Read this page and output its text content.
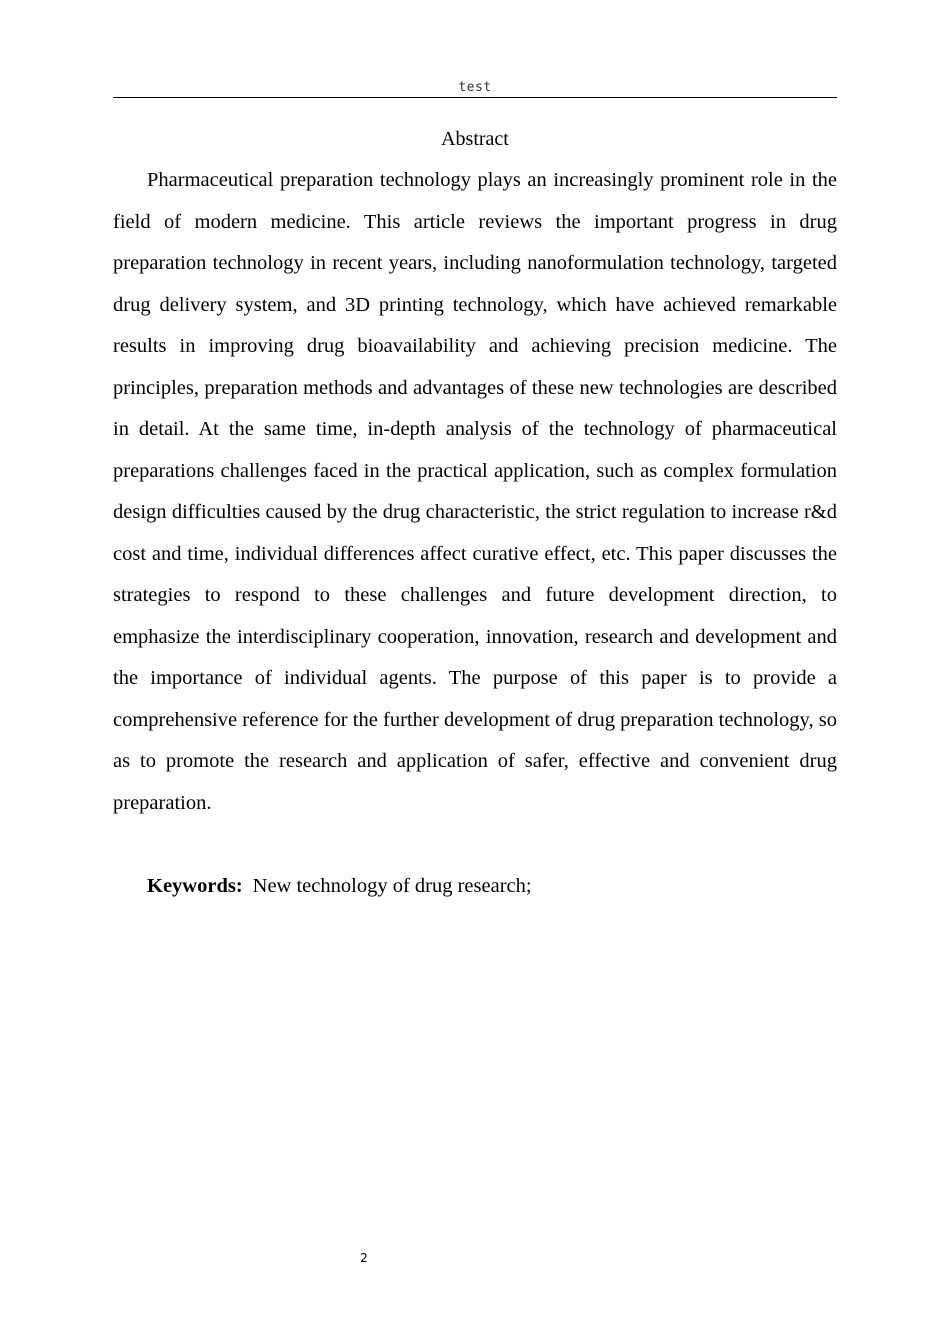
test
Abstract

Pharmaceutical preparation technology plays an increasingly prominent role in the field of modern medicine. This article reviews the important progress in drug preparation technology in recent years, including nanoformulation technology, targeted drug delivery system, and 3D printing technology, which have achieved remarkable results in improving drug bioavailability and achieving precision medicine. The principles, preparation methods and advantages of these new technologies are described in detail. At the same time, in-depth analysis of the technology of pharmaceutical preparations challenges faced in the practical application, such as complex formulation design difficulties caused by the drug characteristic, the strict regulation to increase r&d cost and time, individual differences affect curative effect, etc. This paper discusses the strategies to respond to these challenges and future development direction, to emphasize the interdisciplinary cooperation, innovation, research and development and the importance of individual agents. The purpose of this paper is to provide a comprehensive reference for the further development of drug preparation technology, so as to promote the research and application of safer, effective and convenient drug preparation.

Keywords: New technology of drug research;
2
